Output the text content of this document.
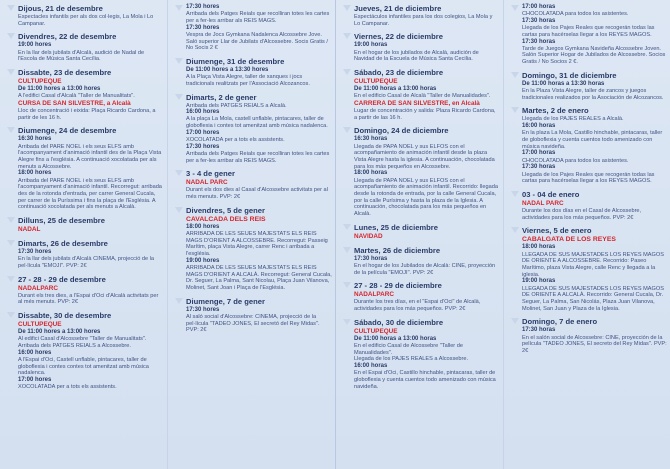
Dijous, 21 de desembre
Espectacles infantils per als dos col·legis, La Mola i Lo Campanar.
Divendres, 22 de desembre
19:00 hores
En la llar dels jubilats d'Alcalà, audició de Nadal de l'Escola de Música Santa Cecília.
Dissabte, 23 de desembre
CULTUPEQUE
De 11:00 hores a 13:00 hores
A l'edifici Casal d'Alcalà "Taller de Manualitats".
CURSA DE SAN SILVESTRE, a Alcalà
Lloc de concentració i eixida: Plaça Ricardo Cardona, a partir de les 16 h.
Diumenge, 24 de desembre
16:30 hores
Arribada del PARE NOEL i els seus ELFS amb l'acompanyament d'animació infantil des de la Plaça Vista Alegre fins a l'església. A continuació xocolatada per als menuts a Alcossebre.
18:00 hores
Arribada del PARE NOEL i els seus ELFS amb l'acompanyament d'animació infantil. Recorregut: arribada des de la rotonda d'entrada, per carrer General Cucala, per carrer de la Puríssima i fins la plaça de l'Església. A continuació xocolatada per als menuts a Alcalà.
Dilluns, 25 de desembre
NADAL
Dimarts, 26 de desembre
17:30 hores
En la llar dels jubilats d'Alcalà CINEMA, projecció de la pel·lícula "EMOJI". PVP: 2€
27 - 28 - 29 de desembre
NADALPARC
Durant els tres dies, a l'Espai d'Oci d'Alcalà activitats per al més menuts. PVP: 2€
Dissabte, 30 de desembre
CULTUPEQUE
De 11:00 hores a 13:00 hores
Al edifici Casal d'Alcossebre "Taller de Manualitats". Arribada dels PATGES REIALS a Alcossebre.
16:00 hores
A l'Espai d'Oci, Castell unflable, pintacares, taller de globoflexia i contes contes tot amenitzat amb música nadalenca.
17:00 hores
XOCOLATADA per a tots els assistents.
17:30 hores
Arribada dels Patges Reials que recolliran totes les cartes per a fer-les arribar als REIS MAGS.
17:30 hores
Vespra de Jocs Gymkana Nadalenca Alcossebre Jove. Saló superior Llar de Jubilats d'Alcossebre. Socis Gratis / No Socis 2 €
Diumenge, 31 de desembre
De 11:00 hores a 13:30 hores
A la Plaça Vista Alegre, taller de xanques i jocs tradicionals realitzats per l'Associació Alcozancos.
Dimarts, 2 de gener
Arribada dels PATGES REIALS a Alcalà.
16:00 hores
A la plaça La Mola, castell unflable, pintacares, taller de globoflexia i contes tot amenitzat amb música nadalenca.
17:00 hores
XOCOLATADA per a tots els assistents.
17:30 hores
Arribada dels Patges Reials que recolliran totes les cartes per a fer-les arribar als REIS MAGS.
3 - 4 de gener
NADAL PARC
Durant els dos dies al Casal d'Alcossebre activitats per al més menuts. PVP: 2€
Divendres, 5 de gener
CAVALCADA DELS REIS
18:00 hores
ARRIBADA DE LES SEUES MAJESTATS ELS REIS MAGS D'ORIENT A ALCOSSEBRE. Recorregut: Passeig Marítim, plaça Vista Alegre, carrer Renc i arribada a l'església.
19:00 hores
ARRIBADA DE LES SEUES MAJESTATS ELS REIS MAGS D'ORIENT A ALCALÀ. Recorregut: General Cucala, Dr. Seguer, La Palma, Sant Nicolau, Plaça Juan Vilanova, Molinet, Sant Joan i Plaça de l'Església.
Diumenge, 7 de gener
17:30 hores
Al saló social d'Alcossebre: CINEMA, projecció de la pel·lícula "TADEO JONES, El secretó del Rey Midas". PVP: 2€
Jueves, 21 de diciembre
Espectáculos infantiles para los dos colegios, La Mola y Lo Campanar.
Viernes, 22 de diciembre
19:00 horas
En el hogar de los jubilados de Alcalà, audición de Navidad de la Escuela de Música Santa Cecilia.
Sábado, 23 de diciembre
CULTUPEQUE
De 11:00 horas a 13:00 horas
En el edificio Casal de Alcalà "Taller de Manualidades".
CARRERA DE SAN SILVESTRE, en Alcalà
Lugar de concentración y salida: Plaza Ricardo Cardona, a partir de las 16 h.
Domingo, 24 de diciembre
16:30 horas
Llegada de PAPA NOEL y sus ELFOS con el acompañamiento de animación infantil desde la plaza Vista Alegre hasta la iglesia. A continuación, chocolatada para los más pequeños en Alcossebre.
18:00 horas
Llegada de PAPA NOEL y sus ELFOS con el acompañamiento de animación infantil. Recorrido: llegada desde la rotonda de entrada, por la calle General Cucala, por la calle Purísima y hasta la plaza de la Iglesia. A continuación, chocolatada para los más pequeños en Alcalà.
Lunes, 25 de diciembre
NAVIDAD
Martes, 26 de diciembre
17:30 horas
En el hogar de los Jubilados de Alcalà: CINE, proyección de la película "EMOJI". PVP: 2€
27 - 28 - 29 de diciembre
NADALPARC
Durante los tres días, en el "Espai d'Oci" de Alcalà, actividades para los más pequeños. PVP: 2€
Sábado, 30 de diciembre
CULTUPEQUE
De 11:00 horas a 13:00 horas
En el edificio Casal de Alcossebre "Taller de Manualidades".
Llegada de los PAJES REALES a Alcossebre.
16:00 horas
En el Espai d'Oci, Castillo hinchable, pintacaras, taller de globoflexia y cuenta cuentos todo amenizado con música navideña.
17:00 horas
CHOCOLATADA para todos los asistentes.
17:30 horas
Llegada de los Pajes Reales que recogerán todas las cartas para hacérselas llegar a los REYES MAGOS.
17:30 horas
Tarde de Juegos Gymkana Navideña Alcossebre Joven. Salón Superior Hogar de Jubilados de Alcossebre. Socios Gratis / No Socios 2 €.
Domingo, 31 de diciembre
De 11:00 horas a 13:30 horas
En la Plaza Vista Alegre, taller de zancos y juegos tradicionales realizados por la Asociación de Alcozancos.
Martes, 2 de enero
Llegada de los PAJES REALES a Alcalà.
16:00 horas
En la plaza La Mola, Castillo hinchable, pintacaras, taller de globoflexia y cuenta cuentos todo amenizado con música navideña.
17:00 horas
CHOCOLATADA para todos los asistentes.
17:30 horas
Llegada de los Pajes Reales que recogerán todas las cartas para hacérselas llegar a los REYES MAGOS.
03 - 04 de enero
NADAL PARC
Durante los dos días en el Casal de Alcossebre, actividades para los más pequeños. PVP: 2€
Viernes, 5 de enero
CABALGATA DE LOS REYES
18:00 horas
LLEGADA DE SUS MAJESTADES LOS REYES MAGOS DE ORIENTE A ALCOSSEBRE. Recorrido: Paseo Marítimo, plaza Vista Alegre, calle Renc y llegada a la iglesia.
19:00 horas
LLEGADA DE SUS MAJESTADES LOS REYES MAGOS DE ORIENTE A ALCALÀ. Recorrido: General Cucala, Dr. Seguer, La Palma, San Nicolás, Plaza Juan Vilanova, Molinet, San Juan y Plaza de la Iglesia.
Domingo, 7 de enero
17:30 horas
En el salón social de Alcossebre: CINE, proyección de la película "TADEO JONES, El secreto del Rey Midas". PVP: 2€
